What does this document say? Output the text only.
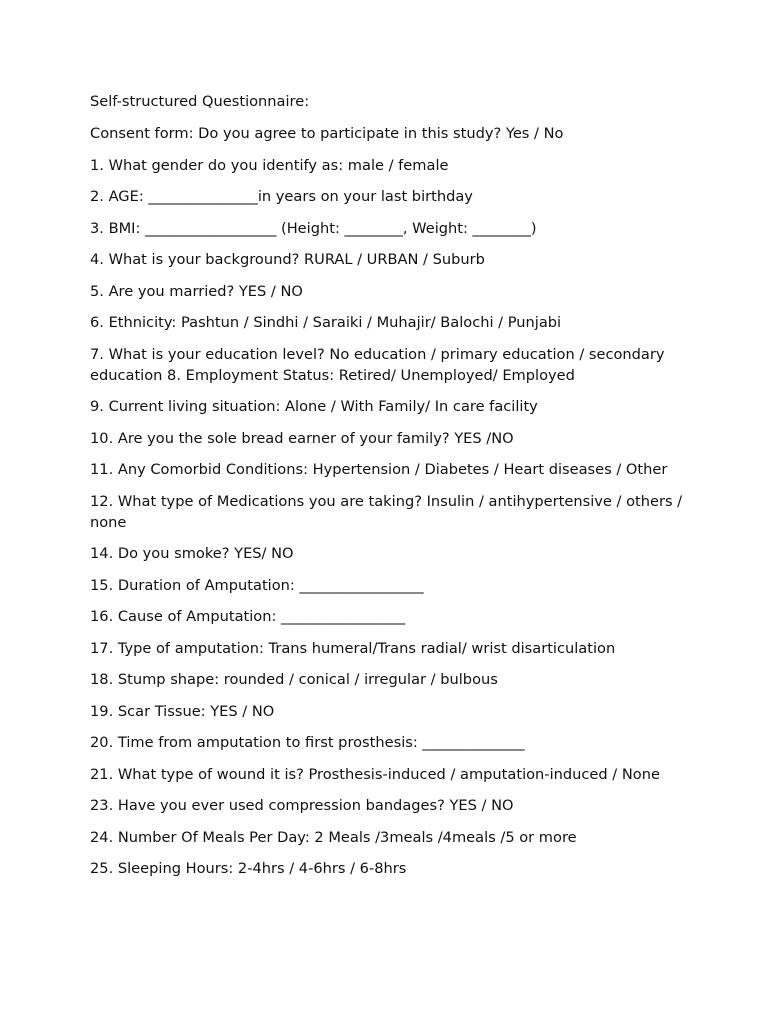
Self-structured Questionnaire:

Consent form: Do you agree to participate in this study? Yes / No

1. What gender do you identify as: male / female

2. AGE: _______________in years on your last birthday

3. BMI: __________________ (Height: ________, Weight: ________)

4. What is your background? RURAL / URBAN / Suburb

5. Are you married? YES / NO

6. Ethnicity: Pashtun / Sindhi / Saraiki / Muhajir/ Balochi / Punjabi

7. What is your education level? No education / primary education / secondary education 8. Employment Status: Retired/ Unemployed/ Employed

9. Current living situation: Alone / With Family/ In care facility

10. Are you the sole bread earner of your family? YES /NO

11. Any Comorbid Conditions: Hypertension / Diabetes / Heart diseases / Other

12. What type of Medications you are taking? Insulin / antihypertensive / others / none

14. Do you smoke? YES/ NO

15. Duration of Amputation: _________________

16. Cause of Amputation: _________________

17. Type of amputation: Trans humeral/Trans radial/ wrist disarticulation

18. Stump shape: rounded / conical / irregular / bulbous

19. Scar Tissue: YES / NO

20. Time from amputation to first prosthesis: ______________

21. What type of wound it is? Prosthesis-induced / amputation-induced / None

23. Have you ever used compression bandages? YES / NO

24. Number Of Meals Per Day: 2 Meals /3meals /4meals /5 or more

25. Sleeping Hours: 2-4hrs / 4-6hrs / 6-8hrs
